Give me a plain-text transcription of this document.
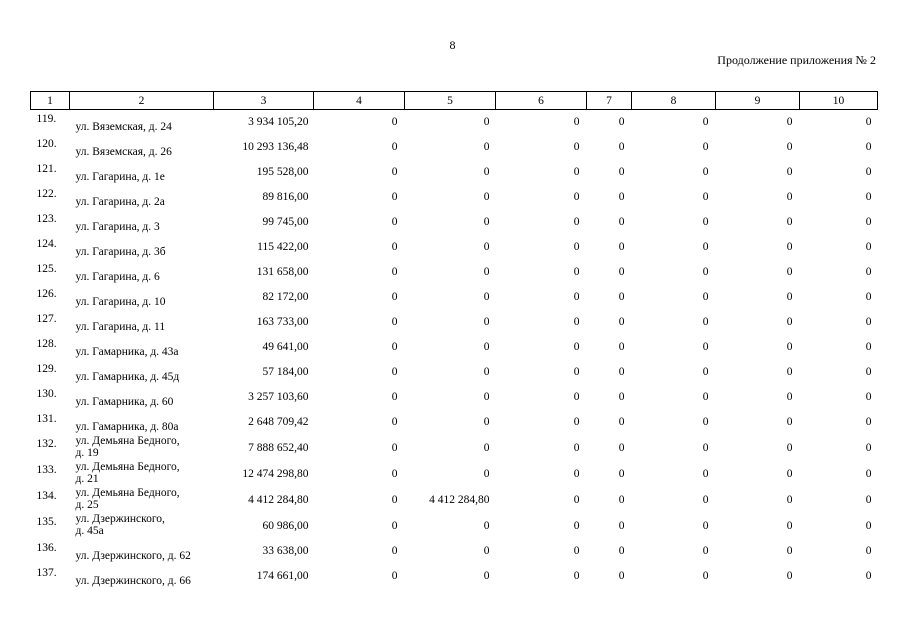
8
Продолжение приложения № 2
1	2	3	4	5	6	7	8	9	10
119.	ул. Вяземская, д. 24	3 934 105,20	0	0	0	0	0	0	0
120.	ул. Вяземская, д. 26	10 293 136,48	0	0	0	0	0	0	0
121.	ул. Гагарина, д. 1е	195 528,00	0	0	0	0	0	0	0
122.	ул. Гагарина, д. 2а	89 816,00	0	0	0	0	0	0	0
123.	ул. Гагарина, д. 3	99 745,00	0	0	0	0	0	0	0
124.	ул. Гагарина, д. 3б	115 422,00	0	0	0	0	0	0	0
125.	ул. Гагарина, д. 6	131 658,00	0	0	0	0	0	0	0
126.	ул. Гагарина, д. 10	82 172,00	0	0	0	0	0	0	0
127.	ул. Гагарина, д. 11	163 733,00	0	0	0	0	0	0	0
128.	ул. Гамарника, д. 43а	49 641,00	0	0	0	0	0	0	0
129.	ул. Гамарника, д. 45д	57 184,00	0	0	0	0	0	0	0
130.	ул. Гамарника, д. 60	3 257 103,60	0	0	0	0	0	0	0
131.	ул. Гамарника, д. 80а	2 648 709,42	0	0	0	0	0	0	0
132.	ул. Демьяна Бедного,
д. 19	7 888 652,40	0	0	0	0	0	0	0
133.	ул. Демьяна Бедного,
д. 21	12 474 298,80	0	0	0	0	0	0	0
134.	ул. Демьяна Бедного,
д. 25	4 412 284,80	0	4 412 284,80	0	0	0	0	0
135.	ул. Дзержинского,
д. 45а	60 986,00	0	0	0	0	0	0	0
136.	ул. Дзержинского, д. 62	33 638,00	0	0	0	0	0	0	0
137.	ул. Дзержинского, д. 66	174 661,00	0	0	0	0	0	0	0
